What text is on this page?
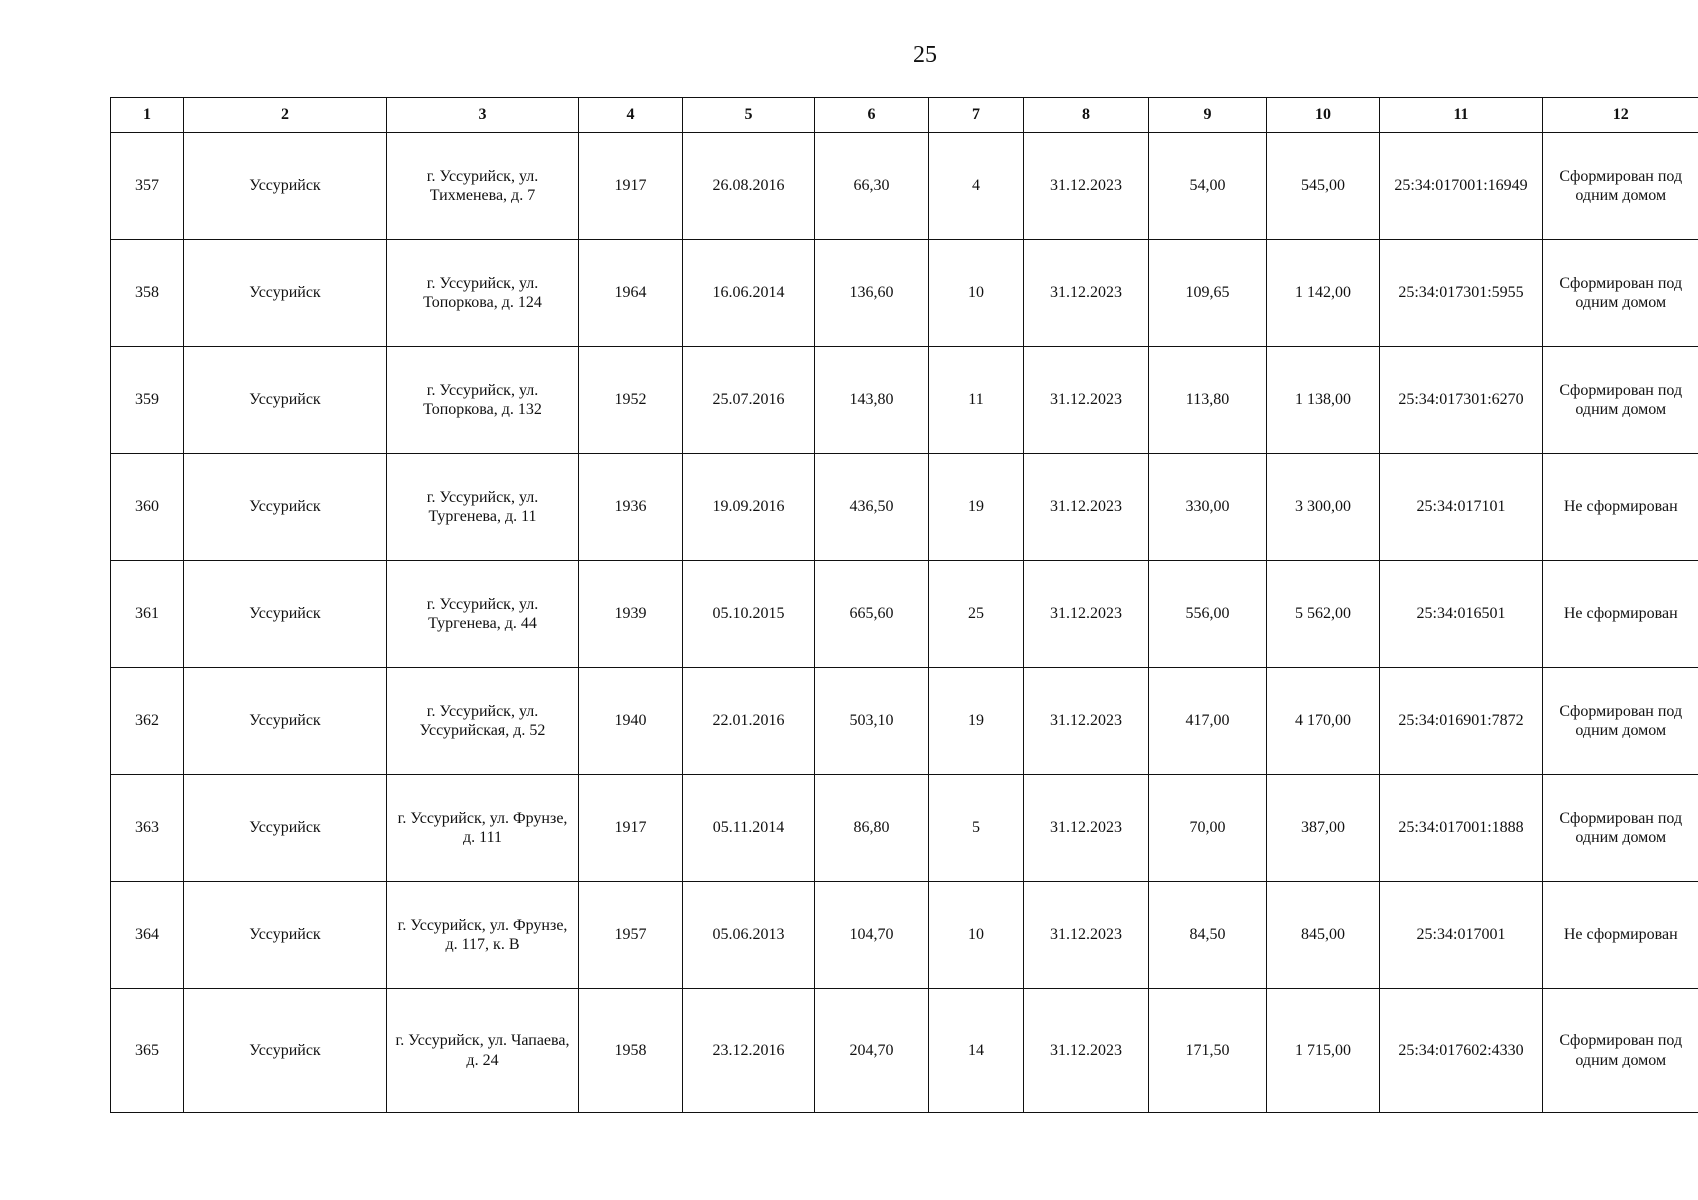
25
1	2	3	4	5	6	7	8	9	10	11	12
357	Уссурийск	г. Уссурийск, ул. Тихменева, д. 7	1917	26.08.2016	66,30	4	31.12.2023	54,00	545,00	25:34:017001:16949	Сформирован под одним домом
358	Уссурийск	г. Уссурийск, ул. Топоркова, д. 124	1964	16.06.2014	136,60	10	31.12.2023	109,65	1 142,00	25:34:017301:5955	Сформирован под одним домом
359	Уссурийск	г. Уссурийск, ул. Топоркова, д. 132	1952	25.07.2016	143,80	11	31.12.2023	113,80	1 138,00	25:34:017301:6270	Сформирован под одним домом
360	Уссурийск	г. Уссурийск, ул. Тургенева, д. 11	1936	19.09.2016	436,50	19	31.12.2023	330,00	3 300,00	25:34:017101	Не сформирован
361	Уссурийск	г. Уссурийск, ул. Тургенева, д. 44	1939	05.10.2015	665,60	25	31.12.2023	556,00	5 562,00	25:34:016501	Не сформирован
362	Уссурийск	г. Уссурийск, ул. Уссурийская, д. 52	1940	22.01.2016	503,10	19	31.12.2023	417,00	4 170,00	25:34:016901:7872	Сформирован под одним домом
363	Уссурийск	г. Уссурийск, ул. Фрунзе, д. 111	1917	05.11.2014	86,80	5	31.12.2023	70,00	387,00	25:34:017001:1888	Сформирован под одним домом
364	Уссурийск	г. Уссурийск, ул. Фрунзе, д. 117, к. В	1957	05.06.2013	104,70	10	31.12.2023	84,50	845,00	25:34:017001	Не сформирован
365	Уссурийск	г. Уссурийск, ул. Чапаева, д. 24	1958	23.12.2016	204,70	14	31.12.2023	171,50	1 715,00	25:34:017602:4330	Сформирован под одним домом
